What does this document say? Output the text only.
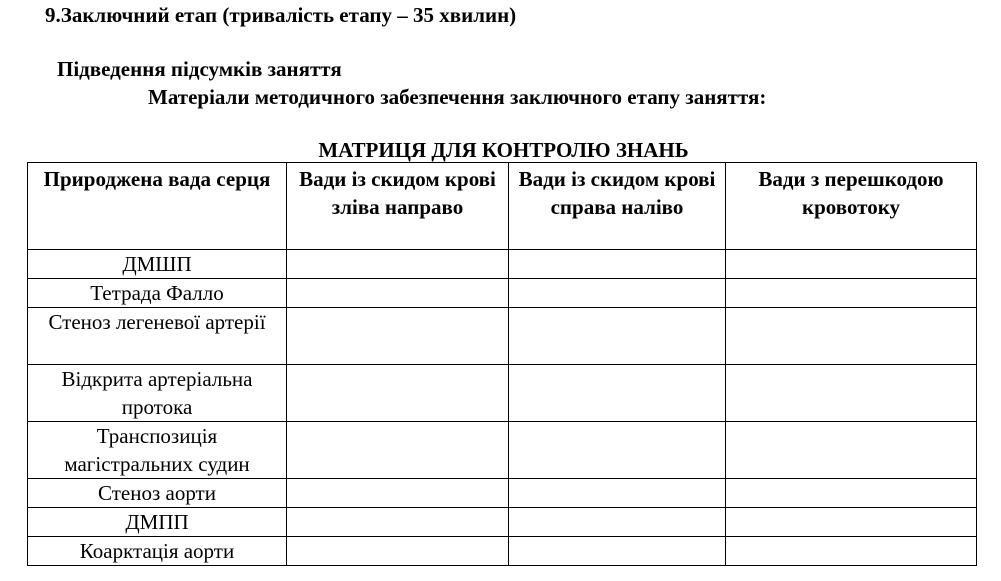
9.Заключний етап (тривалість етапу – 35 хвилин)
Підведення підсумків заняття
Матеріали методичного забезпечення заключного етапу заняття:
МАТРИЦЯ ДЛЯ КОНТРОЛЮ ЗНАНЬ
Природжена вада серця	Вади із скидом крові зліва направо	Вади із скидом крові справа наліво	Вади з перешкодою кровотоку
ДМШП			
Тетрада Фалло			
Стеноз легеневої артерії			
Відкрита артеріальна протока			
Транспозиція магістральних судин			
Стеноз аорти			
ДМПП			
Коарктація аорти			
